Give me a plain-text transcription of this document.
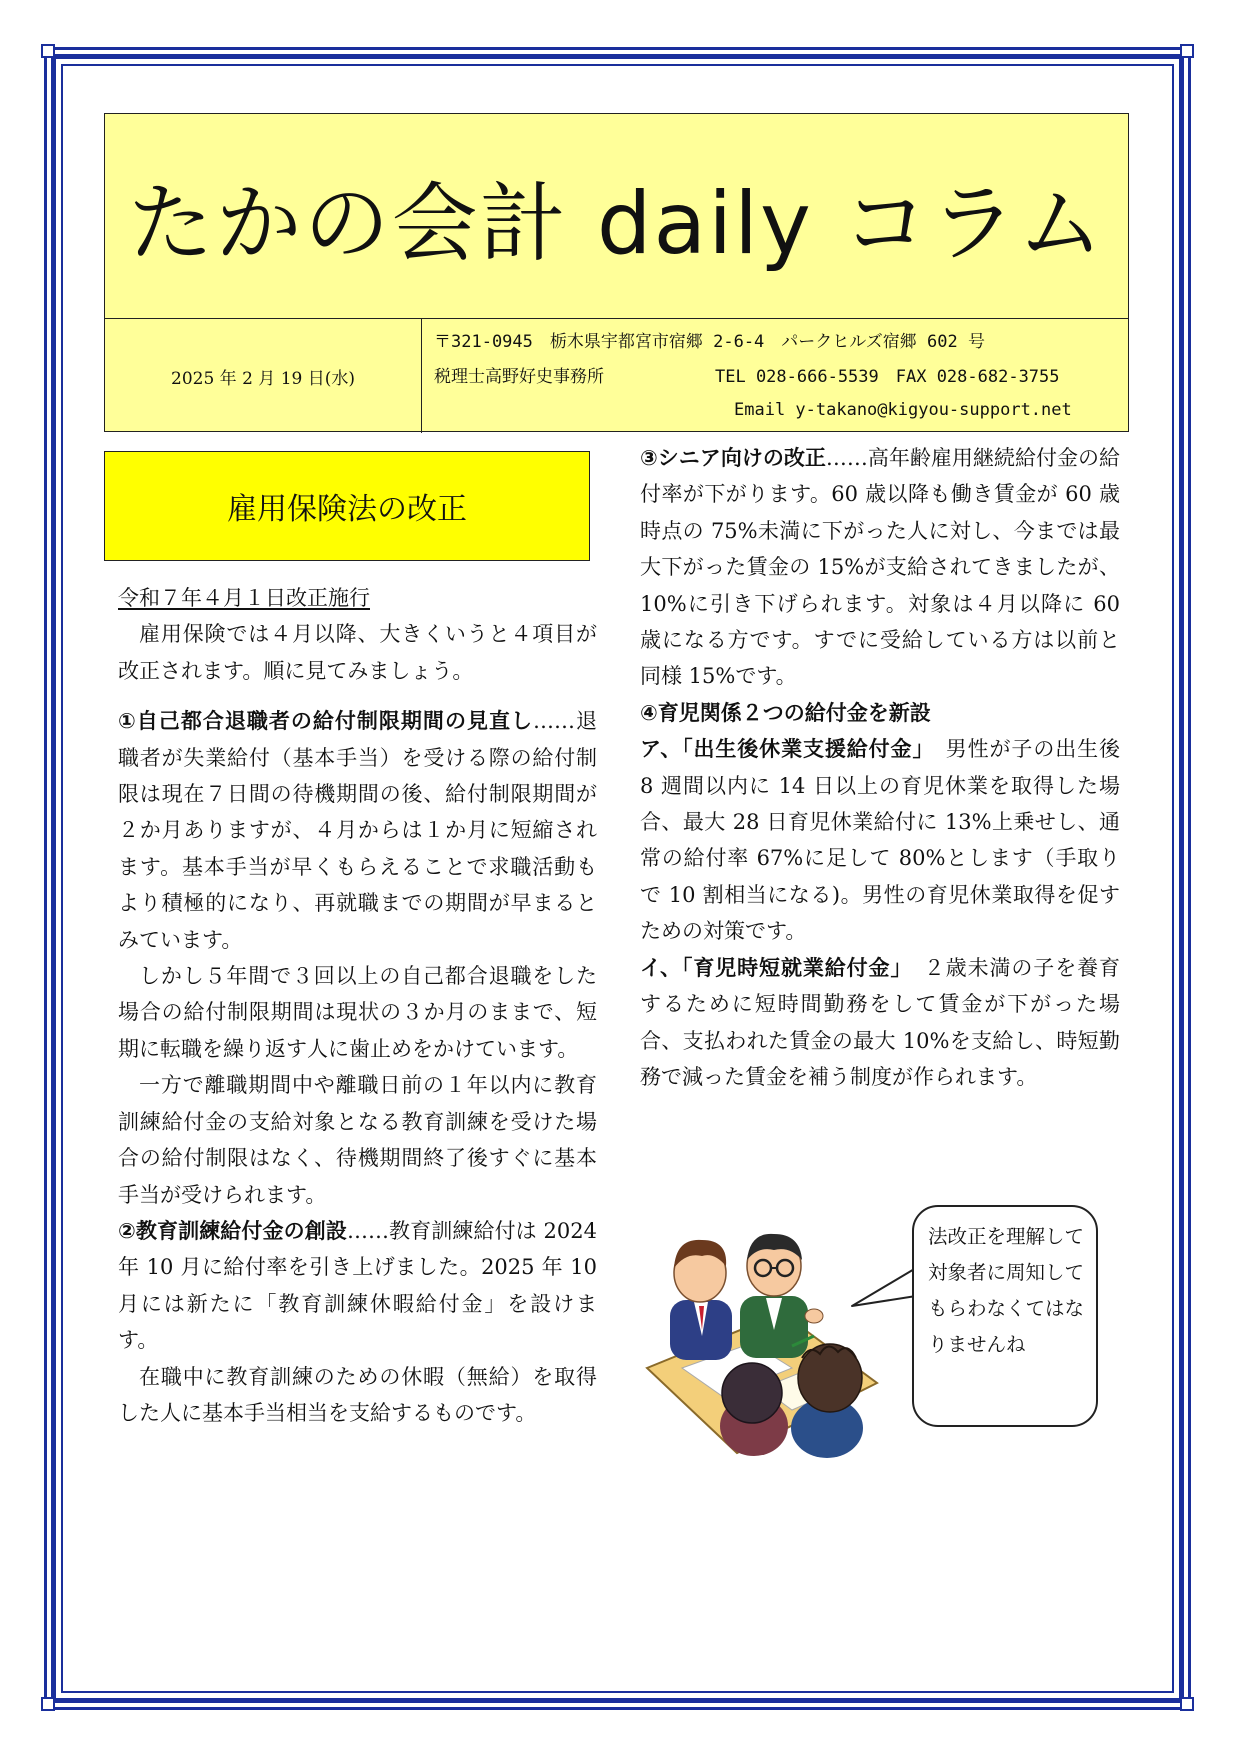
たかの会計 daily コラム
2025 年 2 月 19 日(水)
〒321-0945　栃木県宇都宮市宿郷 2-6-4　パークヒルズ宿郷 602 号
税理士高野好史事務所	TEL 028-666-5539　FAX 028-682-3755
Email y-takano@kigyou-support.net
雇用保険法の改正

令和７年４月１日改正施行

雇用保険では４月以降、大きくいうと４項目が改正されます。順に見てみましょう。

①自己都合退職者の給付制限期間の見直し……退職者が失業給付（基本手当）を受ける際の給付制限は現在７日間の待機期間の後、給付制限期間が２か月ありますが、４月からは１か月に短縮されます。基本手当が早くもらえることで求職活動もより積極的になり、再就職までの期間が早まるとみています。

しかし５年間で３回以上の自己都合退職をした場合の給付制限期間は現状の３か月のままで、短期に転職を繰り返す人に歯止めをかけています。

一方で離職期間中や離職日前の１年以内に教育訓練給付金の支給対象となる教育訓練を受けた場合の給付制限はなく、待機期間終了後すぐに基本手当が受けられます。

②教育訓練給付金の創設……教育訓練給付は 2024 年 10 月に給付率を引き上げました。2025 年 10 月には新たに「教育訓練休暇給付金」を設けます。

在職中に教育訓練のための休暇（無給）を取得した人に基本手当相当を支給するものです。

③シニア向けの改正……高年齢雇用継続給付金の給付率が下がります。60 歳以降も働き賃金が 60 歳時点の 75%未満に下がった人に対し、今までは最大下がった賃金の 15%が支給されてきましたが、10%に引き下げられます。対象は４月以降に 60 歳になる方です。すでに受給している方は以前と同様 15%です。

④育児関係２つの給付金を新設

ア、「出生後休業支援給付金」　男性が子の出生後 8 週間以内に 14 日以上の育児休業を取得した場合、最大 28 日育児休業給付に 13%上乗せし、通常の給付率 67%に足して 80%とします（手取りで 10 割相当になる)。男性の育児休業取得を促すための対策です。

イ、「育児時短就業給付金」　２歳未満の子を養育するために短時間勤務をして賃金が下がった場合、支払われた賃金の最大 10%を支給し、時短勤務で減った賃金を補う制度が作られます。

法改正を理解して対象者に周知してもらわなくてはなりませんね
